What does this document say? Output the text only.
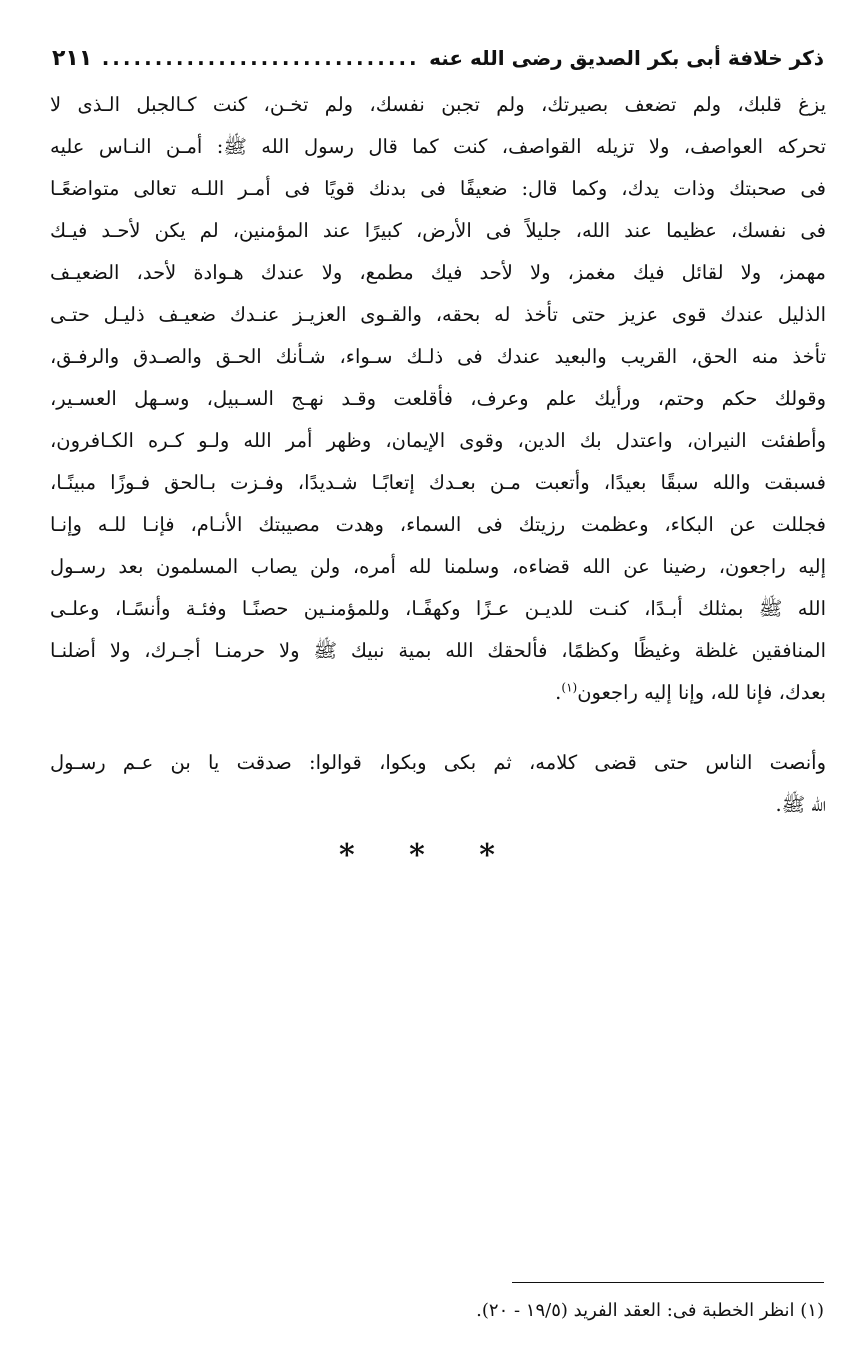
ذكر خلافة أبى بكر الصديق رضى الله عنه
..............................
٢١١
يزغ قلبك، ولم تضعف بصيرتك، ولم تجبن نفسك، ولم تخـن، كنت كـالجبل الـذى لا
تحركه العواصف، ولا تزيله القواصف، كنت كما قال رسول الله ﷺ: أمـن النـاس عليه
فى صحبتك وذات يدك، وكما قال: ضعيفًا فى بدنك قويًا فى أمـر اللـه تعالى متواضعًـا
فى نفسك، عظيما عند الله، جليلاً فى الأرض، كبيرًا عند المؤمنين، لم يكن لأحـد فيـك
مهمز، ولا لقائل فيك مغمز، ولا لأحد فيك مطمع، ولا عندك هـوادة لأحد، الضعيـف
الذليل عندك قوى عزيز حتى تأخذ له بحقه، والقـوى العزيـز عنـدك ضعيـف ذليـل حتـى
تأخذ منه الحق، القريب والبعيد عندك فى ذلـك سـواء، شـأنك الحـق والصـدق والرفـق،
وقولك حكم وحتم، ورأيك علم وعرف، فأقلعت وقـد نهـج السـبيل، وسـهل العسـير،
وأطفئت النيران، واعتدل بك الدين، وقوى الإيمان، وظهر أمر الله ولـو كـره الكـافرون،
فسبقت والله سبقًا بعيدًا، وأتعبت مـن بعـدك إتعابًـا شـديدًا، وفـزت بـالحق فـوزًا مبينًـا،
فجللت عن البكاء، وعظمت رزيتك فى السماء، وهدت مصيبتك الأنـام، فإنـا للـه وإنـا
إليه راجعون، رضينا عن الله قضاءه، وسلمنا لله أمره، ولن يصاب المسلمون بعد رسـول
الله ﷺ بمثلك أبـدًا، كنـت للديـن عـزًا وكهفًـا، وللمؤمنـين حصنًـا وفئـة وأنسًـا، وعلـى
المنافقين غلظة وغيظًا وكظمًا، فألحقك الله بمية نبيك ﷺ ولا حرمنـا أجـرك، ولا أضلنـا
بعدك، فإنا لله، وإنا إليه راجعون$^{(١)}$.
وأنصت الناس حتى قضى كلامه، ثم بكى وبكوا، قوالوا: صدقت يا بن عـم رسـول
الله ﷺ.
* * *
(١) انظر الخطبة فى: العقد الفريد (١٩/٥ - ٢٠).
